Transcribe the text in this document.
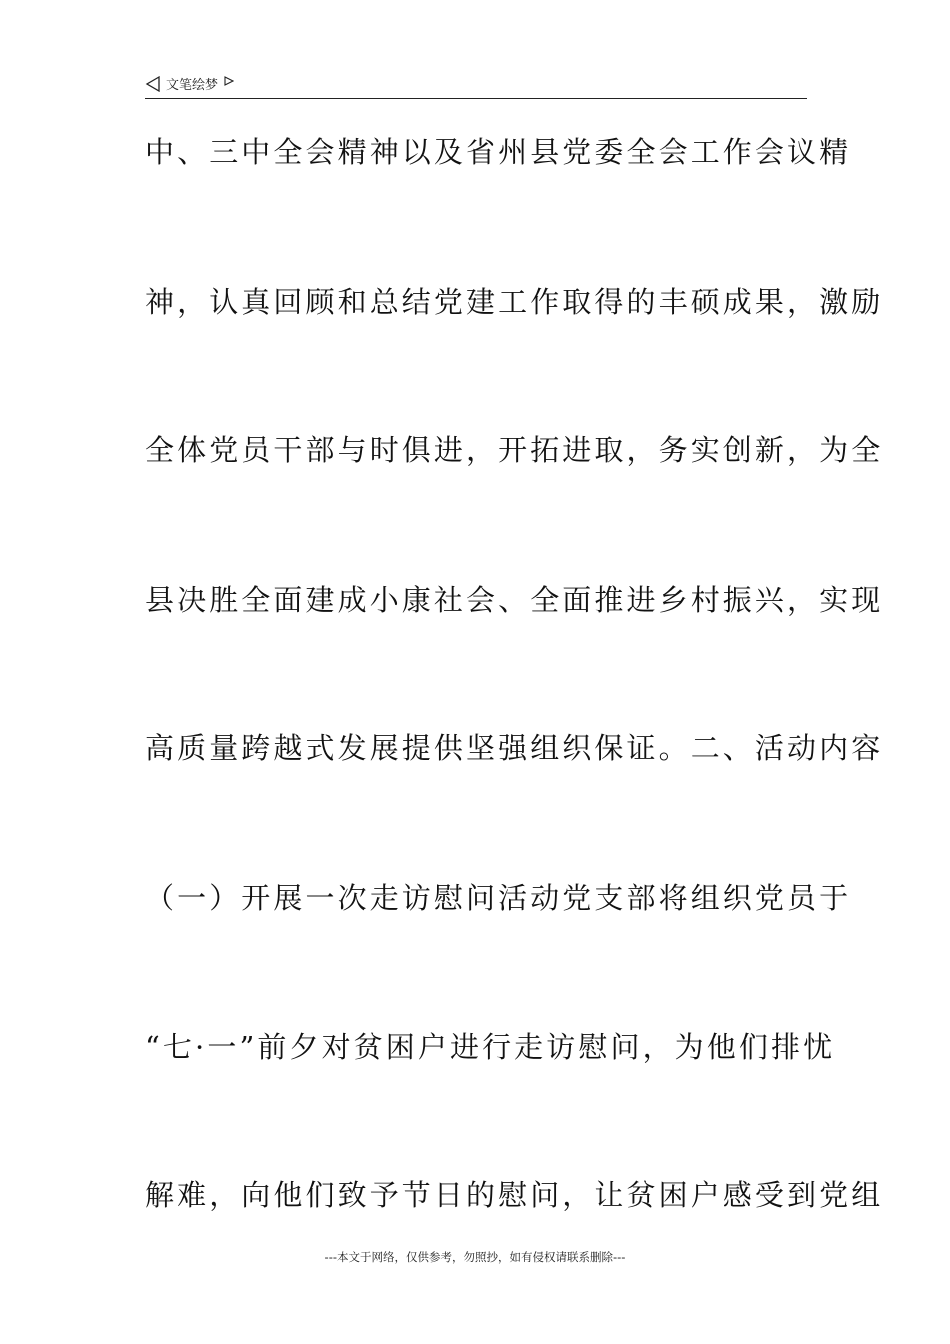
文笔绘梦
中、三中全会精神以及省州县党委全会工作会议精
神，认真回顾和总结党建工作取得的丰硕成果，激励
全体党员干部与时俱进，开拓进取，务实创新，为全
县决胜全面建成小康社会、全面推进乡村振兴，实现
高质量跨越式发展提供坚强组织保证。二、活动内容
（一）开展一次走访慰问活动党支部将组织党员于
“七·一”前夕对贫困户进行走访慰问，为他们排忧
解难，向他们致予节日的慰问，让贫困户感受到党组
---本文于网络，仅供参考，勿照抄，如有侵权请联系删除---
